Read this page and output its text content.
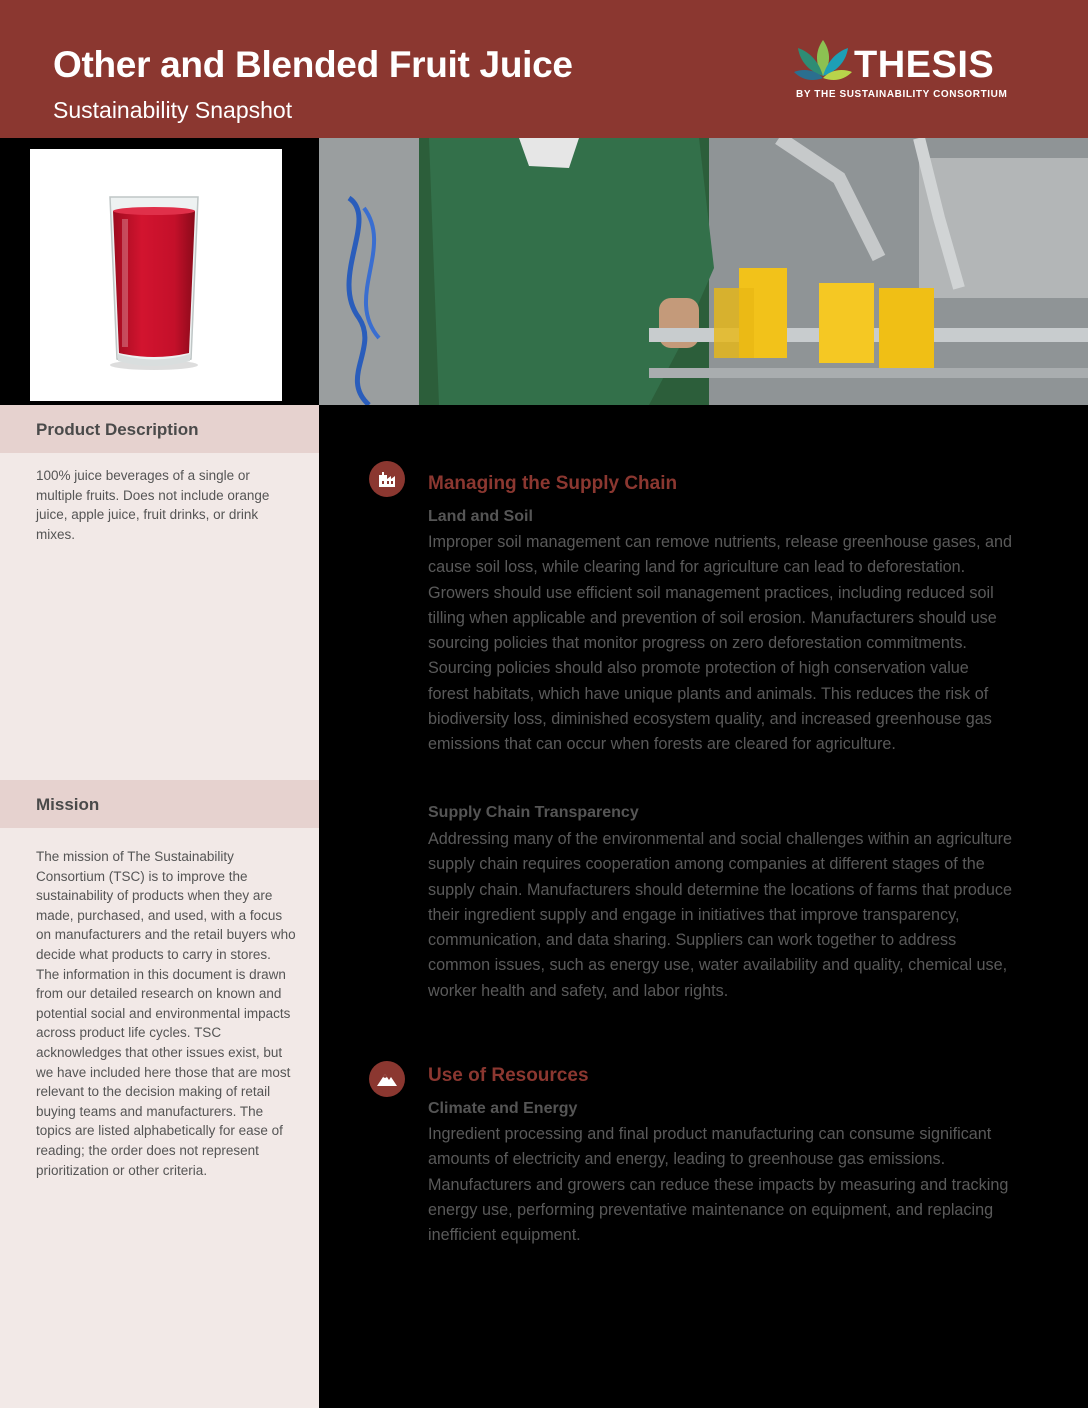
Other and Blended Fruit Juice
Sustainability Snapshot
THESIS
BY THE SUSTAINABILITY CONSORTIUM
Product Description
100% juice beverages of a single or multiple fruits. Does not include orange juice, apple juice, fruit drinks, or drink mixes.
Mission
The mission of The Sustainability Consortium (TSC) is to improve the sustainability of products when they are made, purchased, and used, with a focus on manufacturers and the retail buyers who decide what products to carry in stores. The information in this document is drawn from our detailed research on known and potential social and environmental impacts across product life cycles. TSC acknowledges that other issues exist, but we have included here those that are most relevant to the decision making of retail buying teams and manufacturers. The topics are listed alphabetically for ease of reading; the order does not represent prioritization or other criteria.
Managing the Supply Chain
Land and Soil
Improper soil management can remove nutrients, release greenhouse gases, and cause soil loss, while clearing land for agriculture can lead to deforestation. Growers should use efficient soil management practices, including reduced soil tilling when applicable and prevention of soil erosion. Manufacturers should use sourcing policies that monitor progress on zero deforestation commitments. Sourcing policies should also promote protection of high conservation value forest habitats, which have unique plants and animals. This reduces the risk of biodiversity loss, diminished ecosystem quality, and increased greenhouse gas emissions that can occur when forests are cleared for agriculture.
Supply Chain Transparency
Addressing many of the environmental and social challenges within an agriculture supply chain requires cooperation among companies at different stages of the supply chain. Manufacturers should determine the locations of farms that produce their ingredient supply and engage in initiatives that improve transparency, communication, and data sharing. Suppliers can work together to address common issues, such as energy use, water availability and quality, chemical use, worker health and safety, and labor rights.
Use of Resources
Climate and Energy
Ingredient processing and final product manufacturing can consume significant amounts of electricity and energy, leading to greenhouse gas emissions. Manufacturers and growers can reduce these impacts by measuring and tracking energy use, performing preventative maintenance on equipment, and replacing inefficient equipment.
